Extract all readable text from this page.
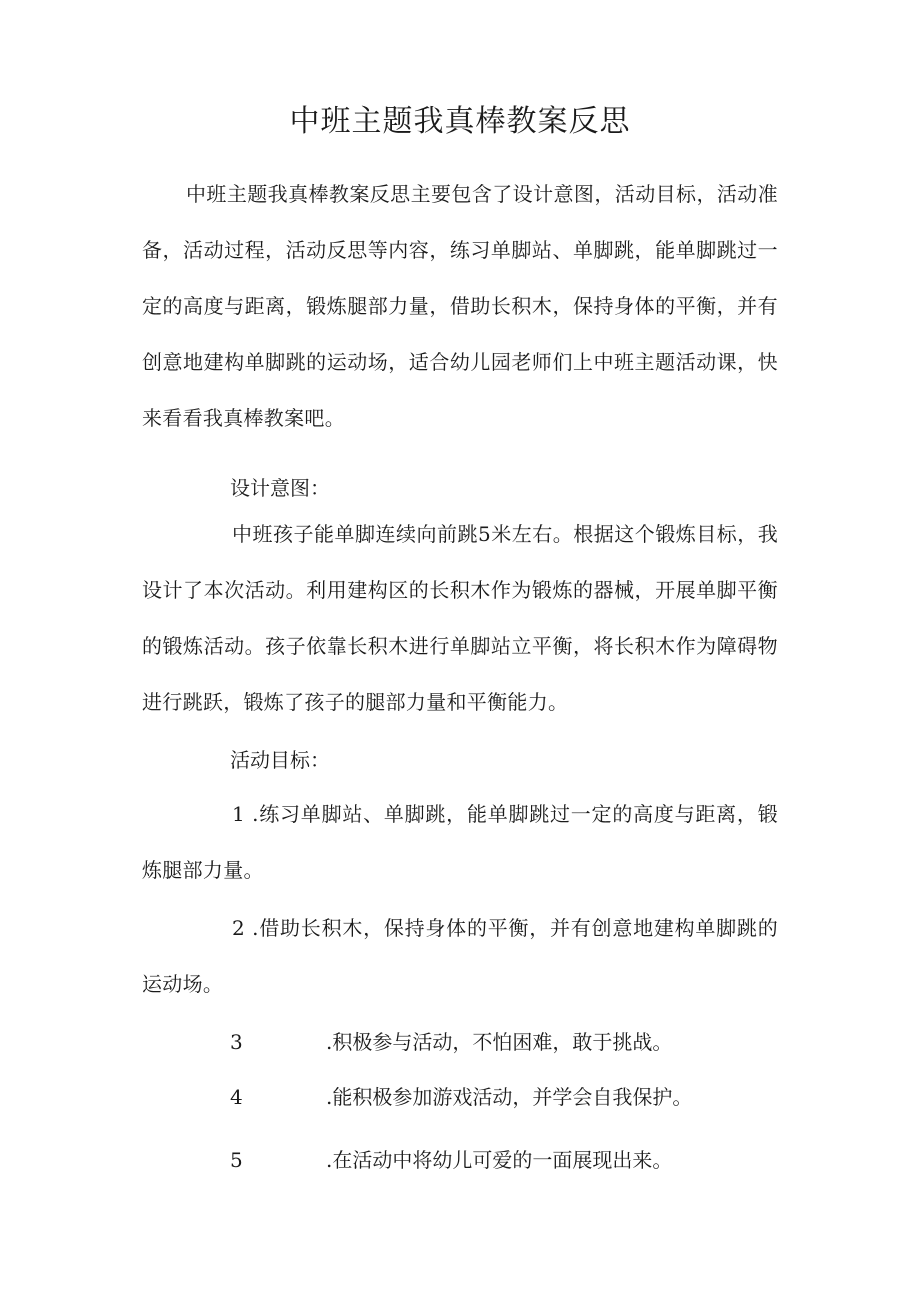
中班主题我真棒教案反思

中班主题我真棒教案反思主要包含了设计意图，活动目标，活动准备，活动过程，活动反思等内容，练习单脚站、单脚跳，能单脚跳过一定的高度与距离，锻炼腿部力量，借助长积木，保持身体的平衡，并有创意地建构单脚跳的运动场，适合幼儿园老师们上中班主题活动课，快来看看我真棒教案吧。

设计意图：

中班孩子能单脚连续向前跳5米左右。根据这个锻炼目标，我设计了本次活动。利用建构区的长积木作为锻炼的器械，开展单脚平衡的锻炼活动。孩子依靠长积木进行单脚站立平衡，将长积木作为障碍物进行跳跃，锻炼了孩子的腿部力量和平衡能力。

活动目标：

1 .练习单脚站、单脚跳，能单脚跳过一定的高度与距离，锻炼腿部力量。

2 .借助长积木，保持身体的平衡，并有创意地建构单脚跳的运动场。

3	.积极参与活动，不怕困难，敢于挑战。

4	.能积极参加游戏活动，并学会自我保护。

5	.在活动中将幼儿可爱的一面展现出来。
